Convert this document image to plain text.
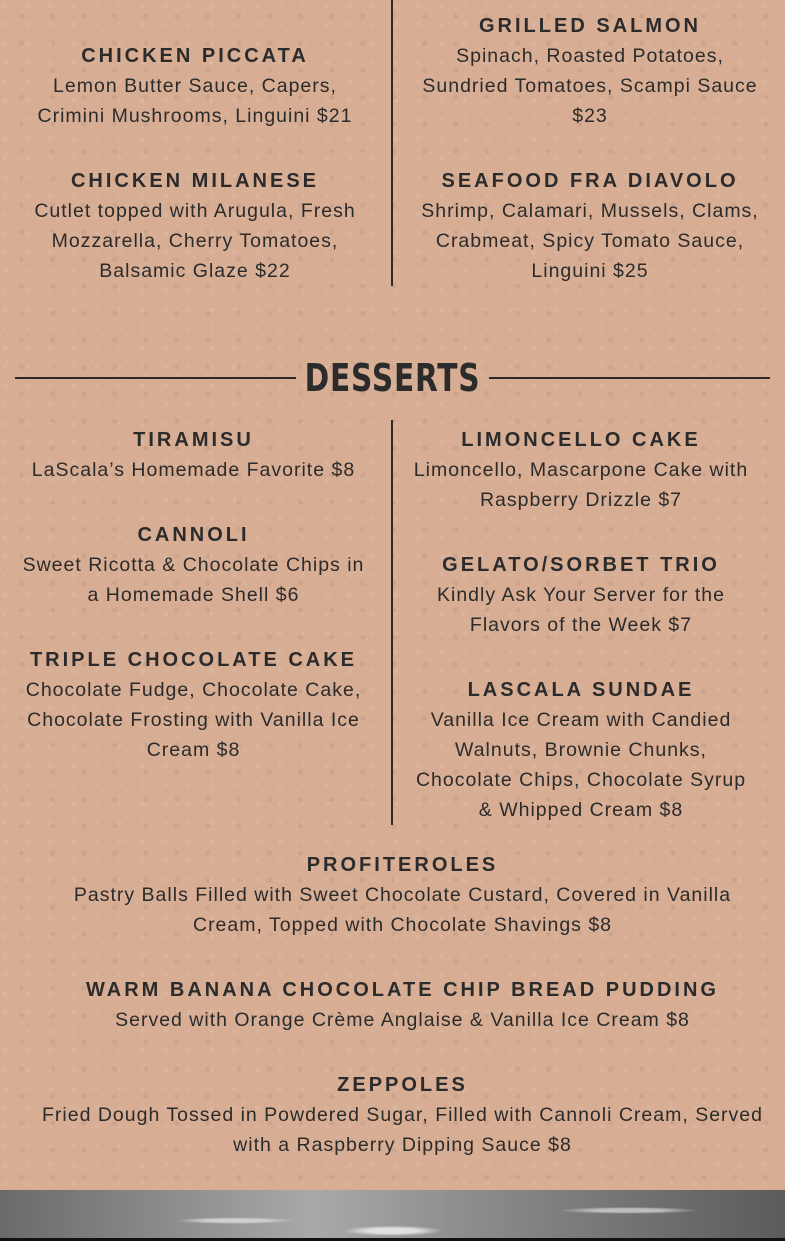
CHICKEN PICCATA

Lemon Butter Sauce, Capers,

Crimini Mushrooms, Linguini $21

CHICKEN MILANESE

Cutlet topped with Arugula, Fresh

Mozzarella, Cherry Tomatoes,

Balsamic Glaze $22

GRILLED SALMON

Spinach, Roasted Potatoes,

Sundried Tomatoes, Scampi Sauce

$23

SEAFOOD FRA DIAVOLO

Shrimp, Calamari, Mussels, Clams,

Crabmeat, Spicy Tomato Sauce,

Linguini $25

DESSERTS

TIRAMISU

LaScala’s Homemade Favorite $8

CANNOLI

Sweet Ricotta & Chocolate Chips in

a Homemade Shell $6

TRIPLE CHOCOLATE CAKE

Chocolate Fudge, Chocolate Cake,

Chocolate Frosting with Vanilla Ice

Cream $8

LIMONCELLO CAKE

Limoncello, Mascarpone Cake with

Raspberry Drizzle $7

GELATO/SORBET TRIO

Kindly Ask Your Server for the

Flavors of the Week $7

LASCALA SUNDAE

Vanilla Ice Cream with Candied

Walnuts, Brownie Chunks,

Chocolate Chips, Chocolate Syrup

& Whipped Cream $8

PROFITEROLES

Pastry Balls Filled with Sweet Chocolate Custard, Covered in Vanilla

Cream, Topped with Chocolate Shavings $8

WARM BANANA CHOCOLATE CHIP BREAD PUDDING

Served with Orange Crème Anglaise & Vanilla Ice Cream $8

ZEPPOLES

Fried Dough Tossed in Powdered Sugar, Filled with Cannoli Cream, Served

with a Raspberry Dipping Sauce $8
